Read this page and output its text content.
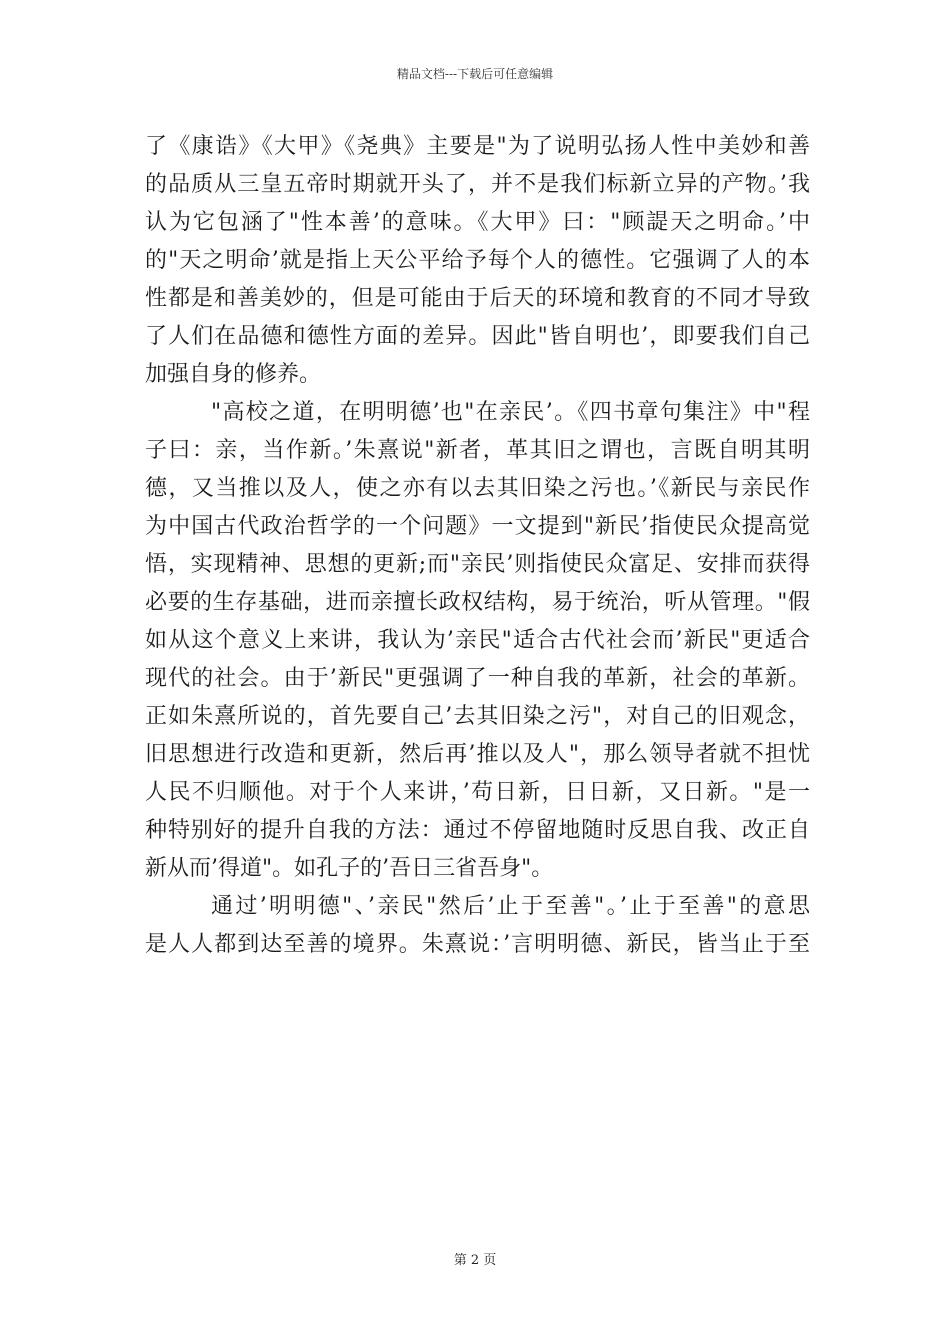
精品文档---下载后可任意编辑
了《康诰》《大甲》《尧典》主要是"为了说明弘扬人性中美妙和善
的品质从三皇五帝时期就开头了，并不是我们标新立异的产物。’我
认为它包涵了"性本善’的意味。《大甲》曰："顾諟天之明命。’中
的"天之明命’就是指上天公平给予每个人的德性。它强调了人的本
性都是和善美妙的，但是可能由于后天的环境和教育的不同才导致
了人们在品德和德性方面的差异。因此"皆自明也’，即要我们自己
加强自身的修养。
"高校之道，在明明德’也"在亲民’。《四书章句集注》中"程
子曰：亲，当作新。’朱熹说"新者，革其旧之谓也，言既自明其明
德，又当推以及人，使之亦有以去其旧染之污也。’《新民与亲民作
为中国古代政治哲学的一个问题》一文提到"新民’指使民众提高觉
悟，实现精神、思想的更新;而"亲民’则指使民众富足、安排而获得
必要的生存基础，进而亲擅长政权结构，易于统治，听从管理。"假
如从这个意义上来讲，我认为’亲民"适合古代社会而’新民"更适合
现代的社会。由于’新民"更强调了一种自我的革新，社会的革新。
正如朱熹所说的，首先要自己’去其旧染之污"，对自己的旧观念，
旧思想进行改造和更新，然后再’推以及人"，那么领导者就不担忧
人民不归顺他。对于个人来讲，’苟日新，日日新，又日新。"是一
种特别好的提升自我的方法：通过不停留地随时反思自我、改正自
新从而’得道"。如孔子的’吾日三省吾身"。
通过’明明德"、’亲民"然后’止于至善"。’止于至善"的意思
是人人都到达至善的境界。朱熹说：’言明明德、新民，皆当止于至
第 2 页
